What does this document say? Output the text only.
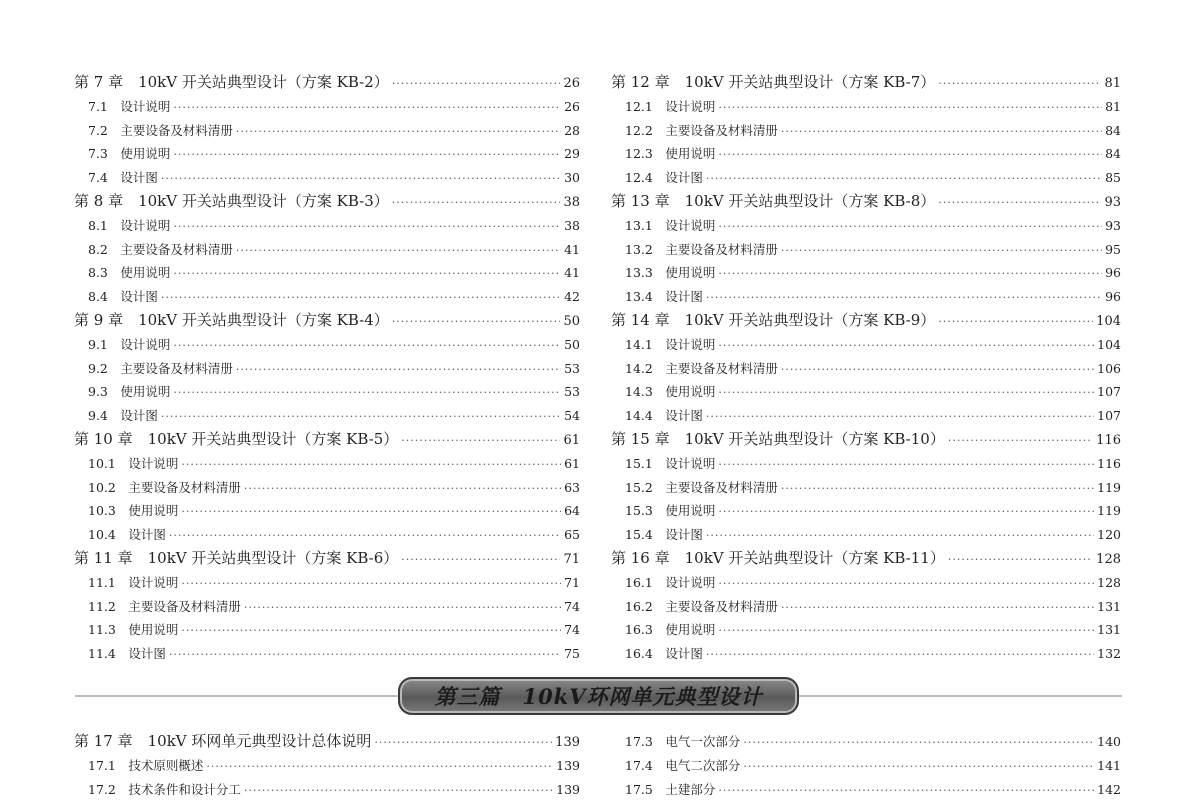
第 7 章　10kV 开关站典型设计（方案 KB-2） ·····	26
7.1　设计说明 ·····	26
7.2　主要设备及材料清册 ·····	28
7.3　使用说明 ·····	29
7.4　设计图 ·····	30
第 8 章　10kV 开关站典型设计（方案 KB-3） ·····	38
8.1　设计说明 ·····	38
8.2　主要设备及材料清册 ·····	41
8.3　使用说明 ·····	41
8.4　设计图 ·····	42
第 9 章　10kV 开关站典型设计（方案 KB-4） ·····	50
9.1　设计说明 ·····	50
9.2　主要设备及材料清册 ·····	53
9.3　使用说明 ·····	53
9.4　设计图 ·····	54
第 10 章　10kV 开关站典型设计（方案 KB-5） ·····	61
10.1　设计说明 ·····	61
10.2　主要设备及材料清册 ·····	63
10.3　使用说明 ·····	64
10.4　设计图 ·····	65
第 11 章　10kV 开关站典型设计（方案 KB-6） ·····	71
11.1　设计说明 ·····	71
11.2　主要设备及材料清册 ·····	74
11.3　使用说明 ·····	74
11.4　设计图 ·····	75
第 12 章　10kV 开关站典型设计（方案 KB-7） ·····	81
12.1　设计说明 ·····	81
12.2　主要设备及材料清册 ·····	84
12.3　使用说明 ·····	84
12.4　设计图 ·····	85
第 13 章　10kV 开关站典型设计（方案 KB-8） ·····	93
13.1　设计说明 ·····	93
13.2　主要设备及材料清册 ·····	95
13.3　使用说明 ·····	96
13.4　设计图 ·····	96
第 14 章　10kV 开关站典型设计（方案 KB-9） ·····	104
14.1　设计说明 ·····	104
14.2　主要设备及材料清册 ·····	106
14.3　使用说明 ·····	107
14.4　设计图 ·····	107
第 15 章　10kV 开关站典型设计（方案 KB-10） ·····	116
15.1　设计说明 ·····	116
15.2　主要设备及材料清册 ·····	119
15.3　使用说明 ·····	119
15.4　设计图 ·····	120
第 16 章　10kV 开关站典型设计（方案 KB-11） ·····	128
16.1　设计说明 ·····	128
16.2　主要设备及材料清册 ·····	131
16.3　使用说明 ·····	131
16.4　设计图 ·····	132
第三篇　10kV环网单元典型设计
第 17 章　10kV 环网单元典型设计总体说明 ·····	139
17.1　技术原则概述 ·····	139
17.2　技术条件和设计分工 ·····	139
17.3　电气一次部分 ·····	140
17.4　电气二次部分 ·····	141
17.5　土建部分 ·····	142
